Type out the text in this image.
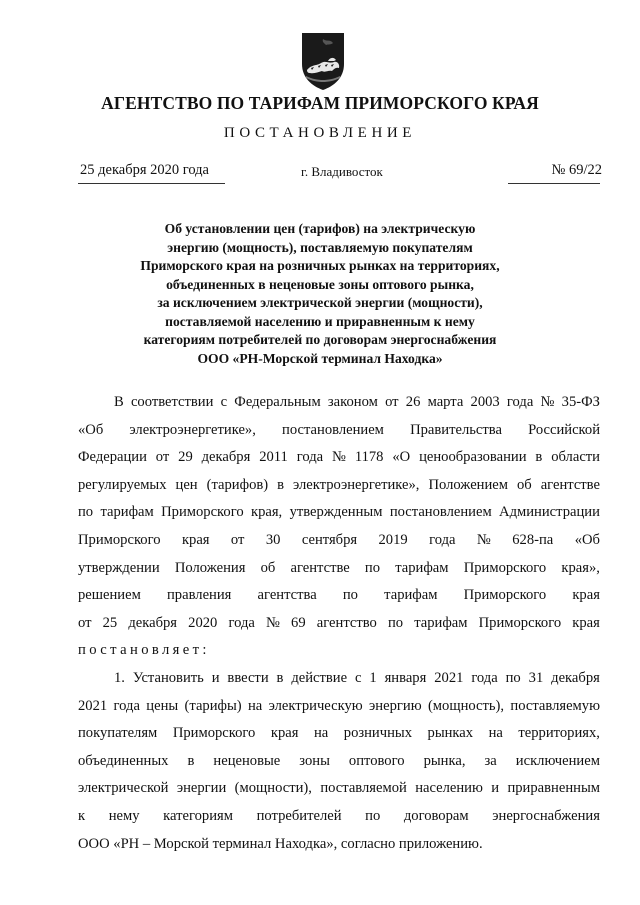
АГЕНТСТВО ПО ТАРИФАМ ПРИМОРСКОГО КРАЯ
ПОСТАНОВЛЕНИЕ
25 декабря 2020 года	г. Владивосток	№ 69/22
Об установлении цен (тарифов) на электрическую
энергию (мощность), поставляемую покупателям
Приморского края на розничных рынках на территориях,
объединенных в неценовые зоны оптового рынка,
за исключением электрической энергии (мощности),
поставляемой населению и приравненным к нему
категориям потребителей по договорам энергоснабжения
ООО «РН-Морской терминал Находка»
В соответствии с Федеральным законом от 26 марта 2003 года № 35-ФЗ
«Об электроэнергетике», постановлением Правительства Российской
Федерации от 29 декабря 2011 года № 1178 «О ценообразовании в области
регулируемых цен (тарифов) в электроэнергетике», Положением об агентстве
по тарифам Приморского края, утвержденным постановлением Администрации
Приморского края от 30 сентября 2019 года № 628-па «Об
утверждении Положения об агентстве по тарифам Приморского края»,
решением правления агентства по тарифам Приморского края
от 25 декабря 2020 года № 69 агентство по тарифам Приморского края
постановляет:
1. Установить и ввести в действие с 1 января 2021 года по 31 декабря
2021 года цены (тарифы) на электрическую энергию (мощность), поставляемую
покупателям Приморского края на розничных рынках на территориях,
объединенных в неценовые зоны оптового рынка, за исключением
электрической энергии (мощности), поставляемой населению и приравненным
к нему категориям потребителей по договорам энергоснабжения
ООО «РН – Морской терминал Находка», согласно приложению.
